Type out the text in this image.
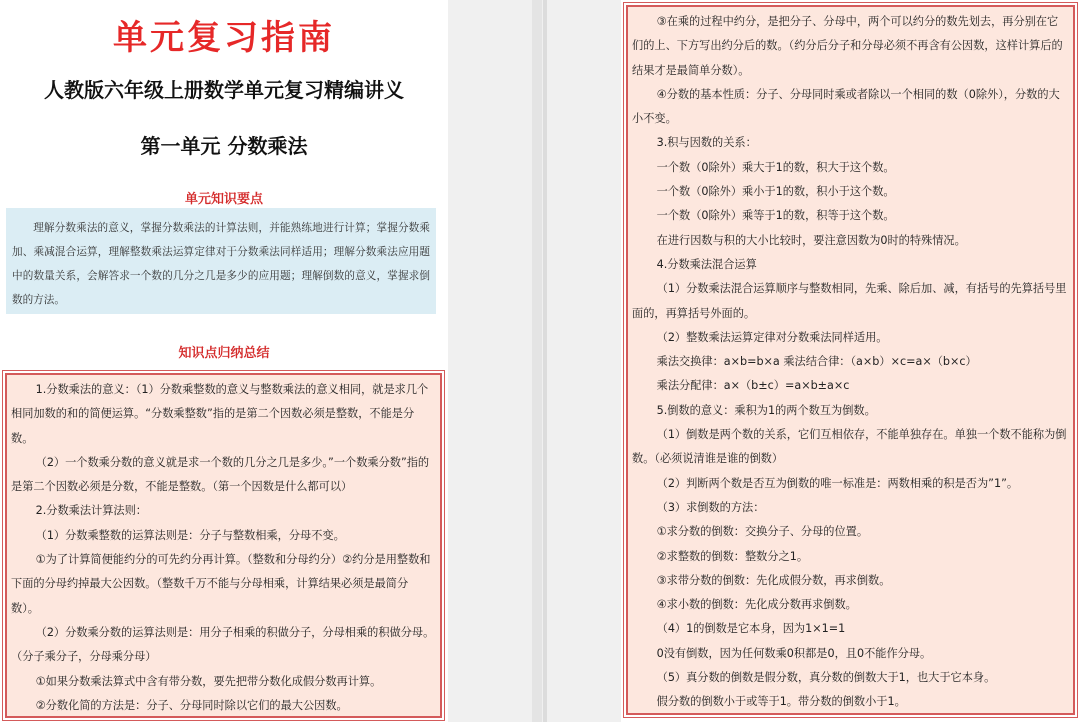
单元复习指南
人教版六年级上册数学单元复习精编讲义
第一单元 分数乘法
单元知识要点
理解分数乘法的意义，掌握分数乘法的计算法则，并能熟练地进行计算；掌握分数乘加、乘减混合运算，理解整数乘法运算定律对于分数乘法同样适用；理解分数乘法应用题中的数量关系，会解答求一个数的几分之几是多少的应用题；理解倒数的意义，掌握求倒数的方法。
知识点归纳总结

1.分数乘法的意义：（1）分数乘整数的意义与整数乘法的意义相同，就是求几个相同加数的和的简便运算。“分数乘整数”指的是第二个因数必须是整数，不能是分数。

（2）一个数乘分数的意义就是求一个数的几分之几是多少。”一个数乘分数”指的是第二个因数必须是分数，不能是整数。（第一个因数是什么都可以）

2.分数乘法计算法则：

（1）分数乘整数的运算法则是：分子与整数相乘，分母不变。

①为了计算简便能约分的可先约分再计算。（整数和分母约分）②约分是用整数和下面的分母约掉最大公因数。（整数千万不能与分母相乘，计算结果必须是最简分数）。

（2）分数乘分数的运算法则是：用分子相乘的积做分子，分母相乘的积做分母。（分子乘分子，分母乘分母）

①如果分数乘法算式中含有带分数，要先把带分数化成假分数再计算。

②分数化简的方法是：分子、分母同时除以它们的最大公因数。

③在乘的过程中约分，是把分子、分母中，两个可以约分的数先划去，再分别在它们的上、下方写出约分后的数。（约分后分子和分母必须不再含有公因数，这样计算后的结果才是最简单分数）。

④分数的基本性质：分子、分母同时乘或者除以一个相同的数（0除外），分数的大小不变。

3.积与因数的关系：

一个数（0除外）乘大于1的数，积大于这个数。

一个数（0除外）乘小于1的数，积小于这个数。

一个数（0除外）乘等于1的数，积等于这个数。

在进行因数与积的大小比较时，要注意因数为0时的特殊情况。

4.分数乘法混合运算

（1）分数乘法混合运算顺序与整数相同，先乘、除后加、减，有括号的先算括号里面的，再算括号外面的。

（2）整数乘法运算定律对分数乘法同样适用。

乘法交换律：a×b=b×a 乘法结合律：（a×b）×c=a×（b×c）

乘法分配律：a×（b±c）=a×b±a×c

5.倒数的意义：乘积为1的两个数互为倒数。

（1）倒数是两个数的关系，它们互相依存，不能单独存在。单独一个数不能称为倒数。（必须说清谁是谁的倒数）

（2）判断两个数是否互为倒数的唯一标准是：两数相乘的积是否为”1”。

（3）求倒数的方法：

①求分数的倒数：交换分子、分母的位置。

②求整数的倒数：整数分之1。

③求带分数的倒数：先化成假分数，再求倒数。

④求小数的倒数：先化成分数再求倒数。

（4）1的倒数是它本身，因为1×1=1

0没有倒数，因为任何数乘0积都是0，且0不能作分母。

（5）真分数的倒数是假分数，真分数的倒数大于1，也大于它本身。

假分数的倒数小于或等于1。带分数的倒数小于1。
